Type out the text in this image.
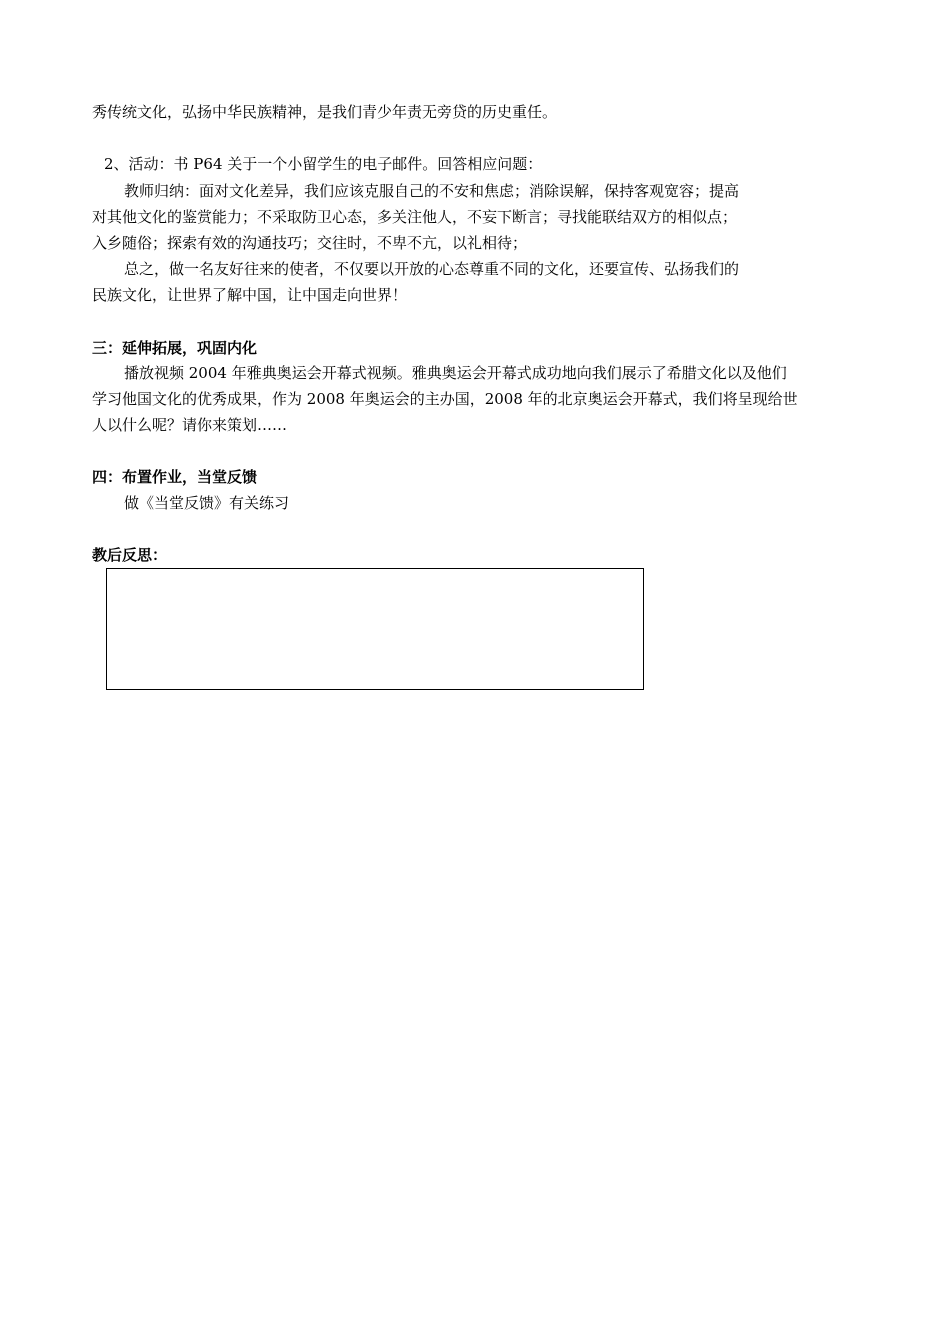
秀传统文化，弘扬中华民族精神，是我们青少年责无旁贷的历史重任。
2、活动：书 P64 关于一个小留学生的电子邮件。回答相应问题：
教师归纳：面对文化差异，我们应该克服自己的不安和焦虑；消除误解，保持客观宽容；提高
对其他文化的鉴赏能力；不采取防卫心态，多关注他人，不妄下断言；寻找能联结双方的相似点；
入乡随俗；探索有效的沟通技巧；交往时，不卑不亢，以礼相待；
总之，做一名友好往来的使者，不仅要以开放的心态尊重不同的文化，还要宣传、弘扬我们的
民族文化，让世界了解中国，让中国走向世界！
三：延伸拓展，巩固内化
播放视频 2004 年雅典奥运会开幕式视频。雅典奥运会开幕式成功地向我们展示了希腊文化以及他们
学习他国文化的优秀成果，作为 2008 年奥运会的主办国，2008 年的北京奥运会开幕式，我们将呈现给世
人以什么呢？请你来策划……
四：布置作业，当堂反馈
做《当堂反馈》有关练习
教后反思：
